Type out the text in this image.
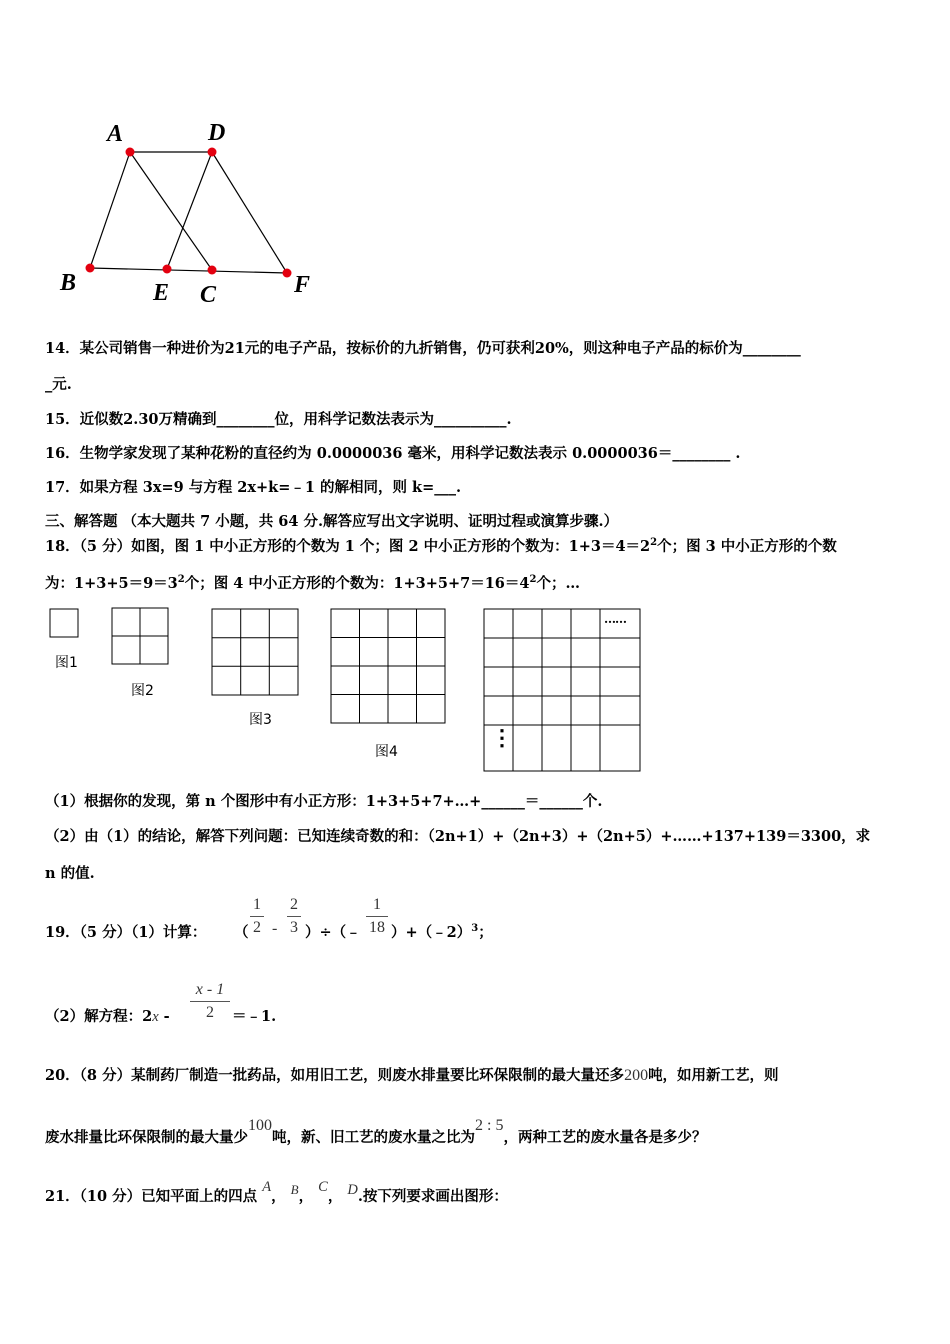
A	D
B	E C	F
14．某公司销售一种进价为21元的电子产品，按标价的九折销售，仍可获利20%，则这种电子产品的标价为________
_元.
15．近似数2.30万精确到________位，用科学记数法表示为__________.
16．生物学家发现了某种花粉的直径约为 0.0000036 毫米，用科学记数法表示 0.0000036＝________ .
17．如果方程 3x=9 与方程 2x+k=﹣1 的解相同，则 k=___.
三、解答题 （本大题共 7 小题，共 64 分.解答应写出文字说明、证明过程或演算步骤.）
18．（5 分）如图，图 1 中小正方形的个数为 1 个；图 2 中小正方形的个数为：$1+3=4=2^2$个；图 3 中小正方形的个数
为：$1+3+5=9=3^2$个；图 4 中小正方形的个数为：$1+3+5+7=16=4^2$个；…
图1
图2
图3
图4
……
⋮
（1）根据你的发现，第 n 个图形中有小正方形：1+3+5+7+…+______＝______个.
（2）由（1）的结论，解答下列问题：已知连续奇数的和：（2n+1）+（2n+3）+（2n+5）+……+137+139＝3300，求
n 的值.
19．（5 分）（1）计算： （
1
2 -
2
3 ）÷（﹣
1
18 ）+（﹣2）$^3$；
（2）解方程：2x -
x - 1
2	＝﹣1.
20．（8 分）某制药厂制造一批药品，如用旧工艺，则废水排量要比环保限制的最大量还多200吨，如用新工艺，则
废水排量比环保限制的最大量少100吨，新、旧工艺的废水量之比为2 : 5，两种工艺的废水量各是多少？
21．（10 分）已知平面上的四点 A， B， C， D.按下列要求画出图形：
